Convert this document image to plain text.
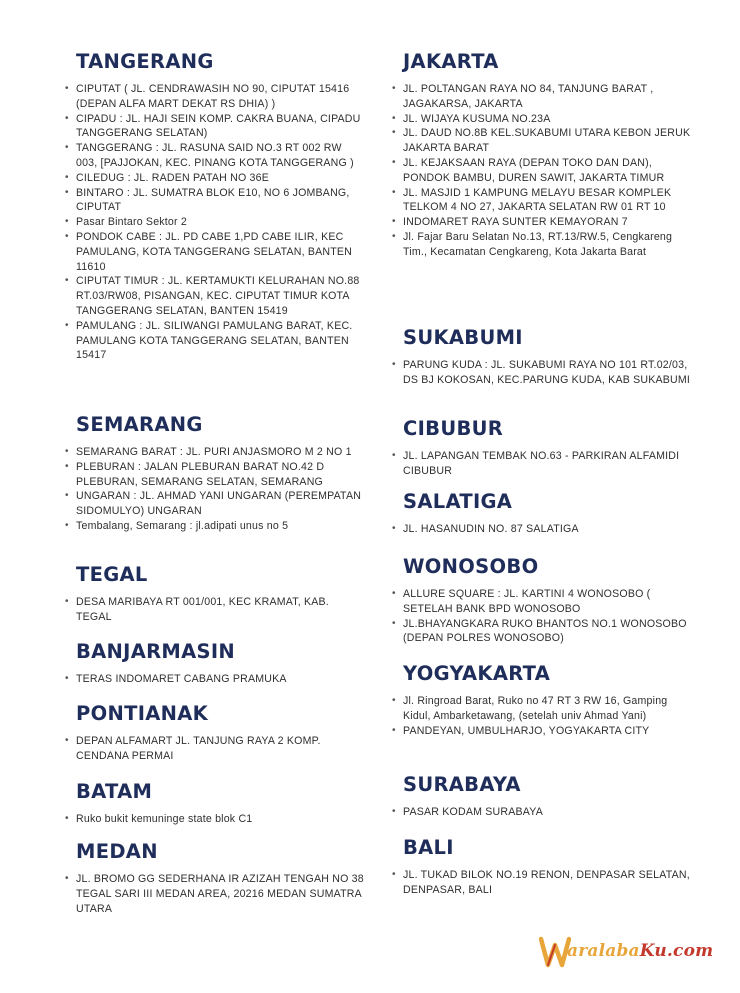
TANGERANG
• CIPUTAT ( JL. CENDRAWASIH NO 90, CIPUTAT 15416 (DEPAN ALFA MART DEKAT RS DHIA) )
• CIPADU : JL. HAJI SEIN KOMP. CAKRA BUANA, CIPADU TANGGERANG SELATAN)
• TANGGERANG : JL. RASUNA SAID NO.3 RT 002 RW 003, [PAJJOKAN, KEC. PINANG KOTA TANGGERANG )
• CILEDUG : JL. RADEN PATAH NO 36E
• BINTARO : JL. SUMATRA BLOK E10, NO 6 JOMBANG, CIPUTAT
• Pasar Bintaro Sektor 2
• PONDOK CABE : JL. PD CABE 1,PD CABE ILIR, KEC PAMULANG, KOTA TANGGERANG SELATAN, BANTEN 11610
• CIPUTAT TIMUR : JL. KERTAMUKTI KELURAHAN NO.88 RT.03/RW08, PISANGAN, KEC. CIPUTAT TIMUR KOTA TANGGERANG SELATAN, BANTEN 15419
• PAMULANG : JL. SILIWANGI PAMULANG BARAT, KEC. PAMULANG KOTA TANGGERANG SELATAN, BANTEN 15417
SEMARANG
• SEMARANG BARAT : JL. PURI ANJASMORO M 2 NO 1
• PLEBURAN : JALAN PLEBURAN BARAT NO.42 D PLEBURAN, SEMARANG SELATAN, SEMARANG
• UNGARAN : JL. AHMAD YANI UNGARAN (PEREMPATAN SIDOMULYO) UNGARAN
• Tembalang, Semarang : jl.adipati unus no 5
TEGAL
• DESA MARIBAYA RT 001/001, KEC KRAMAT, KAB. TEGAL
BANJARMASIN
• TERAS INDOMARET CABANG PRAMUKA
PONTIANAK
• DEPAN ALFAMART JL. TANJUNG RAYA 2 KOMP. CENDANA PERMAI
BATAM
• Ruko bukit kemuninge state blok C1
MEDAN
• JL. BROMO GG SEDERHANA IR AZIZAH TENGAH NO 38 TEGAL SARI III MEDAN AREA, 20216 MEDAN SUMATRA UTARA
JAKARTA
• JL. POLTANGAN RAYA NO 84, TANJUNG BARAT , JAGAKARSA, JAKARTA
• JL. WIJAYA KUSUMA NO.23A
• JL. DAUD NO.8B KEL.SUKABUMI UTARA KEBON JERUK JAKARTA BARAT
• JL. KEJAKSAAN RAYA (DEPAN TOKO DAN DAN), PONDOK BAMBU, DUREN SAWIT, JAKARTA TIMUR
• JL. MASJID 1 KAMPUNG MELAYU BESAR KOMPLEK TELKOM 4 NO 27, JAKARTA SELATAN RW 01 RT 10
• INDOMARET RAYA SUNTER KEMAYORAN 7
• Jl. Fajar Baru Selatan No.13, RT.13/RW.5, Cengkareng Tim., Kecamatan Cengkareng, Kota Jakarta Barat
SUKABUMI
• PARUNG KUDA : JL. SUKABUMI RAYA NO 101 RT.02/03, DS BJ KOKOSAN, KEC.PARUNG KUDA, KAB SUKABUMI
CIBUBUR
• JL. LAPANGAN TEMBAK NO.63 - PARKIRAN ALFAMIDI CIBUBUR
SALATIGA
• JL. HASANUDIN NO. 87 SALATIGA
WONOSOBO
• ALLURE SQUARE : JL. KARTINI 4 WONOSOBO ( SETELAH BANK BPD WONOSOBO
• JL.BHAYANGKARA RUKO BHANTOS NO.1 WONOSOBO (DEPAN POLRES WONOSOBO)
YOGYAKARTA
• Jl. Ringroad Barat, Ruko no 47 RT 3 RW 16, Gamping Kidul, Ambarketawang, (setelah univ Ahmad Yani)
• PANDEYAN, UMBULHARJO, YOGYAKARTA CITY
SURABAYA
• PASAR KODAM SURABAYA
BALI
• JL. TUKAD BILOK NO.19 RENON, DENPASAR SELATAN, DENPASAR, BALI
aralabaKu.com
